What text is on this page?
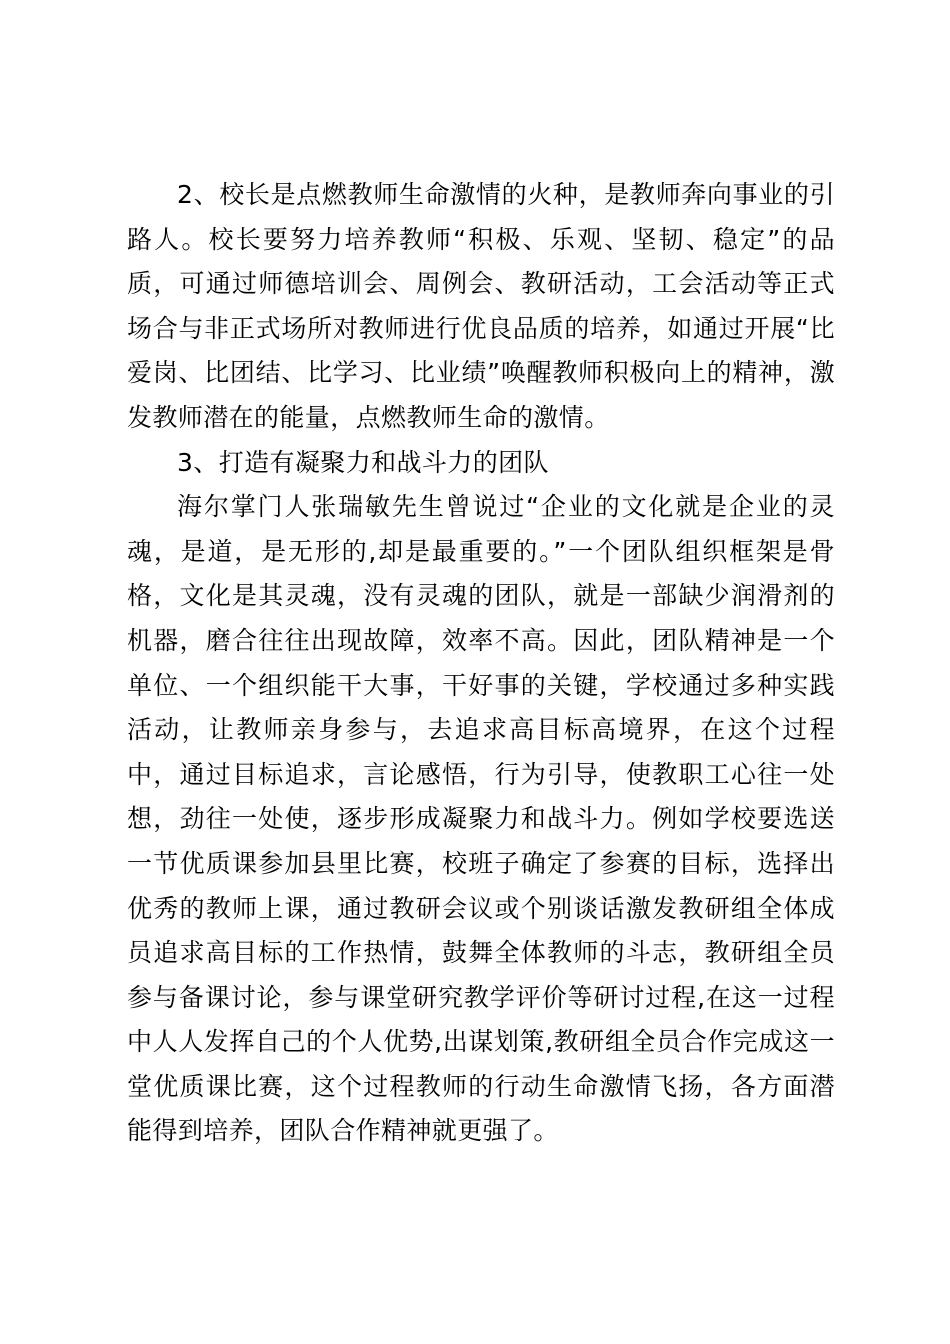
2、校长是点燃教师生命激情的火种，是教师奔向事业的引路人。校长要努力培养教师“积极、乐观、坚韧、稳定”的品质，可通过师德培训会、周例会、教研活动，工会活动等正式场合与非正式场所对教师进行优良品质的培养，如通过开展“比爱岗、比团结、比学习、比业绩”唤醒教师积极向上的精神，激发教师潜在的能量，点燃教师生命的激情。

3、打造有凝聚力和战斗力的团队

海尔掌门人张瑞敏先生曾说过“企业的文化就是企业的灵魂，是道，是无形的,却是最重要的。”一个团队组织框架是骨格，文化是其灵魂，没有灵魂的团队，就是一部缺少润滑剂的机器，磨合往往出现故障，效率不高。因此，团队精神是一个单位、一个组织能干大事，干好事的关键，学校通过多种实践活动，让教师亲身参与，去追求高目标高境界，在这个过程中，通过目标追求，言论感悟，行为引导，使教职工心往一处想，劲往一处使，逐步形成凝聚力和战斗力。例如学校要选送一节优质课参加县里比赛，校班子确定了参赛的目标，选择出优秀的教师上课，通过教研会议或个别谈话激发教研组全体成员追求高目标的工作热情，鼓舞全体教师的斗志，教研组全员参与备课讨论，参与课堂研究教学评价等研讨过程,在这一过程中人人发挥自己的个人优势,出谋划策,教研组全员合作完成这一堂优质课比赛，这个过程教师的行动生命激情飞扬，各方面潜能得到培养，团队合作精神就更强了。
